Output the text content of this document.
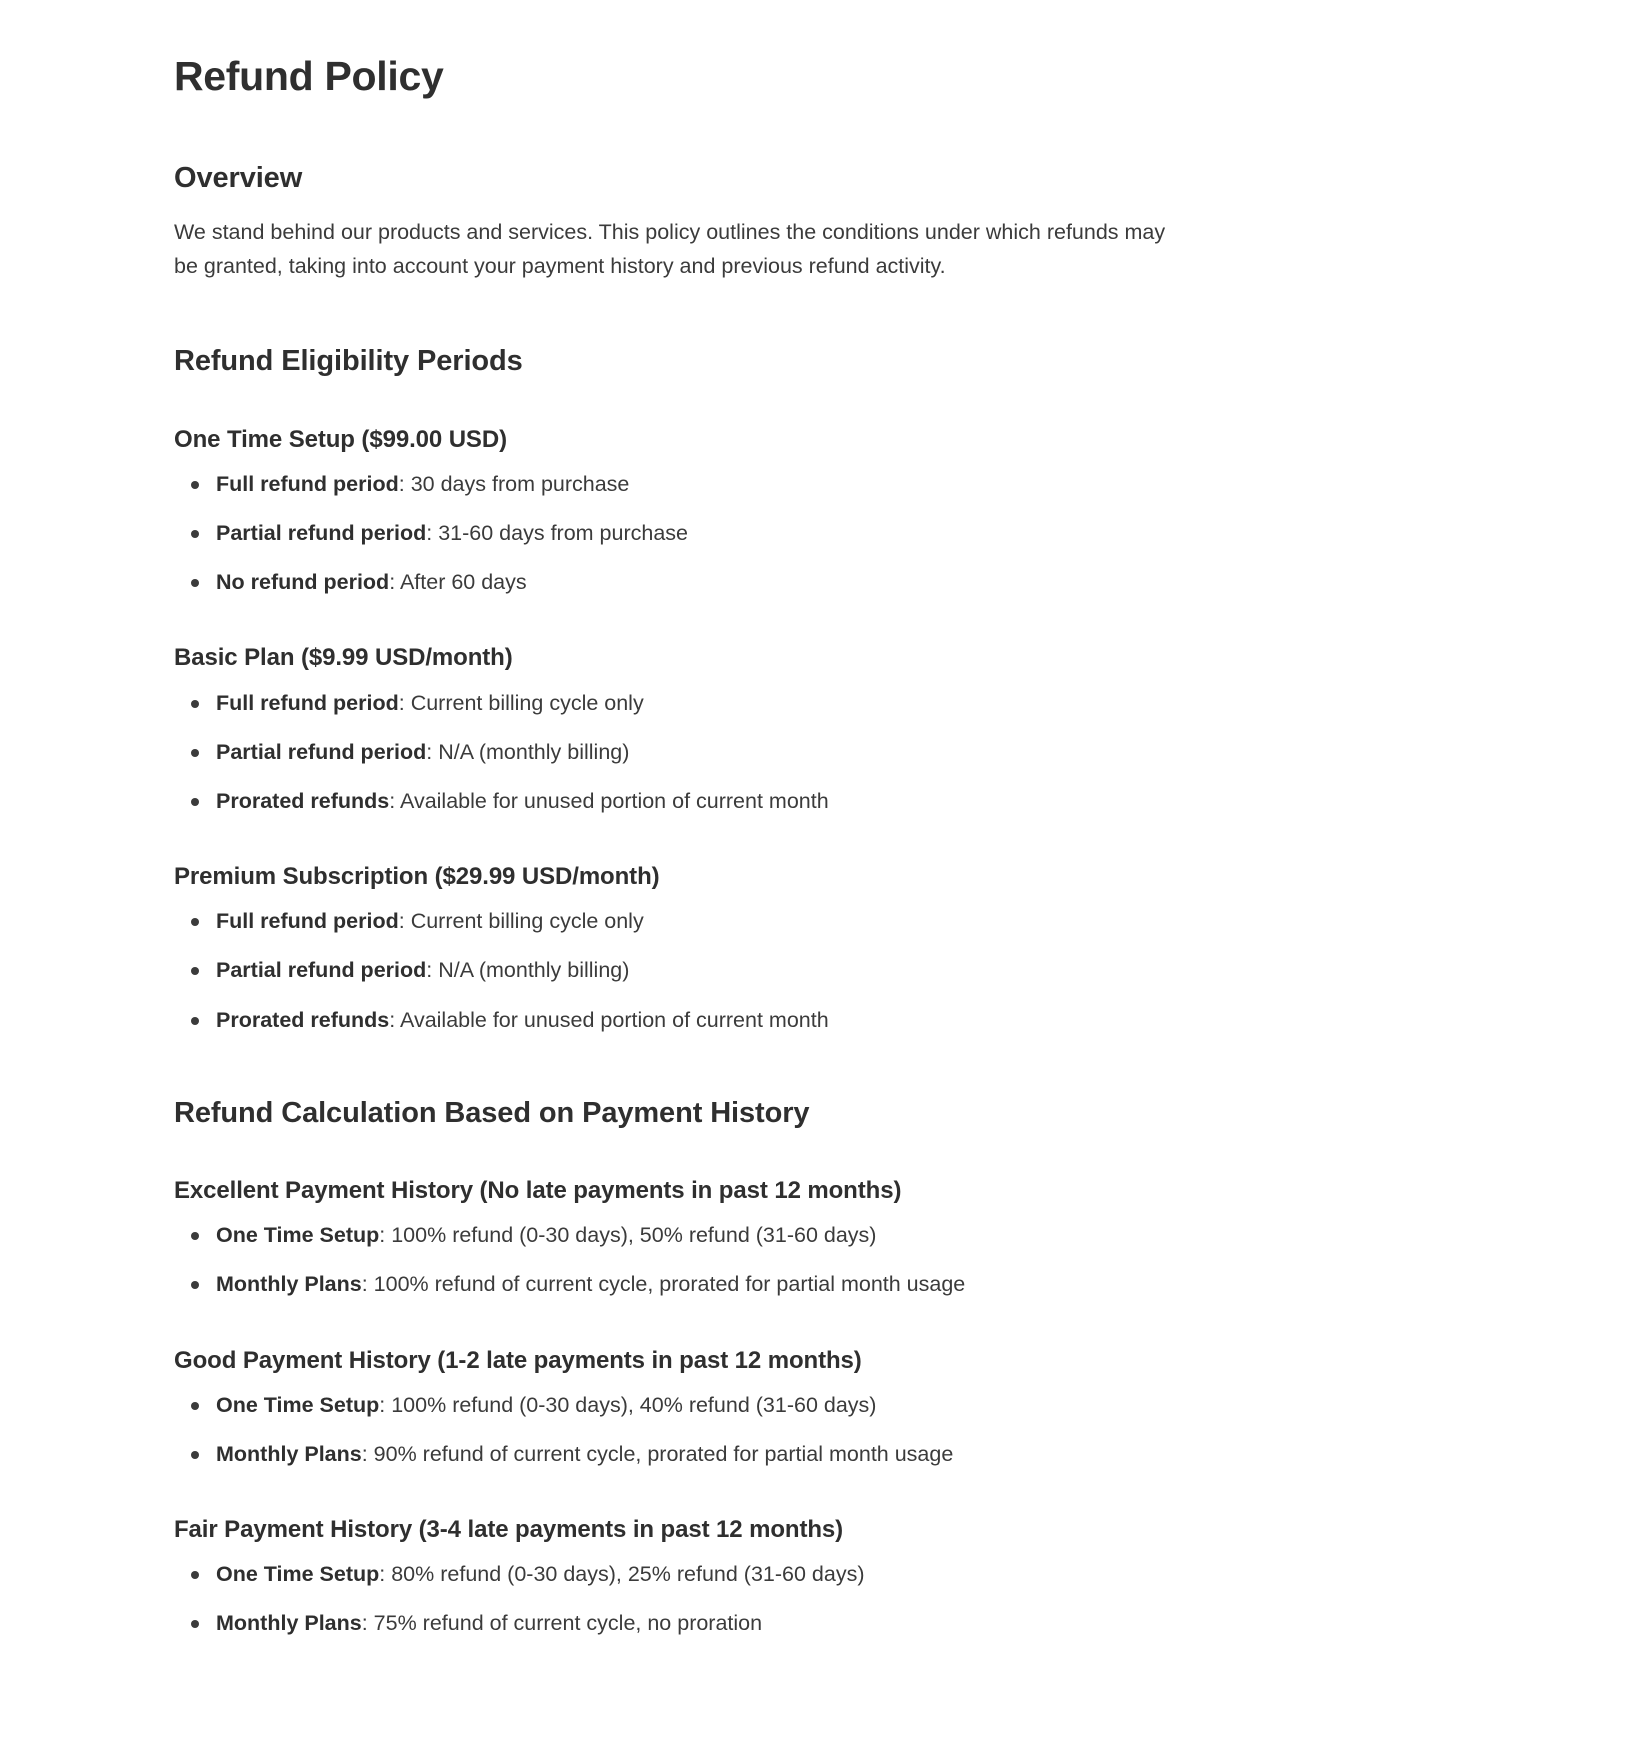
Refund Policy
Overview

We stand behind our products and services. This policy outlines the conditions under which refunds may be granted, taking into account your payment history and previous refund activity.

Refund Eligibility Periods
One Time Setup ($99.00 USD)
Full refund period: 30 days from purchase
Partial refund period: 31-60 days from purchase
No refund period: After 60 days
Basic Plan ($9.99 USD/month)
Full refund period: Current billing cycle only
Partial refund period: N/A (monthly billing)
Prorated refunds: Available for unused portion of current month
Premium Subscription ($29.99 USD/month)
Full refund period: Current billing cycle only
Partial refund period: N/A (monthly billing)
Prorated refunds: Available for unused portion of current month
Refund Calculation Based on Payment History
Excellent Payment History (No late payments in past 12 months)
One Time Setup: 100% refund (0-30 days), 50% refund (31-60 days)
Monthly Plans: 100% refund of current cycle, prorated for partial month usage
Good Payment History (1-2 late payments in past 12 months)
One Time Setup: 100% refund (0-30 days), 40% refund (31-60 days)
Monthly Plans: 90% refund of current cycle, prorated for partial month usage
Fair Payment History (3-4 late payments in past 12 months)
One Time Setup: 80% refund (0-30 days), 25% refund (31-60 days)
Monthly Plans: 75% refund of current cycle, no proration
